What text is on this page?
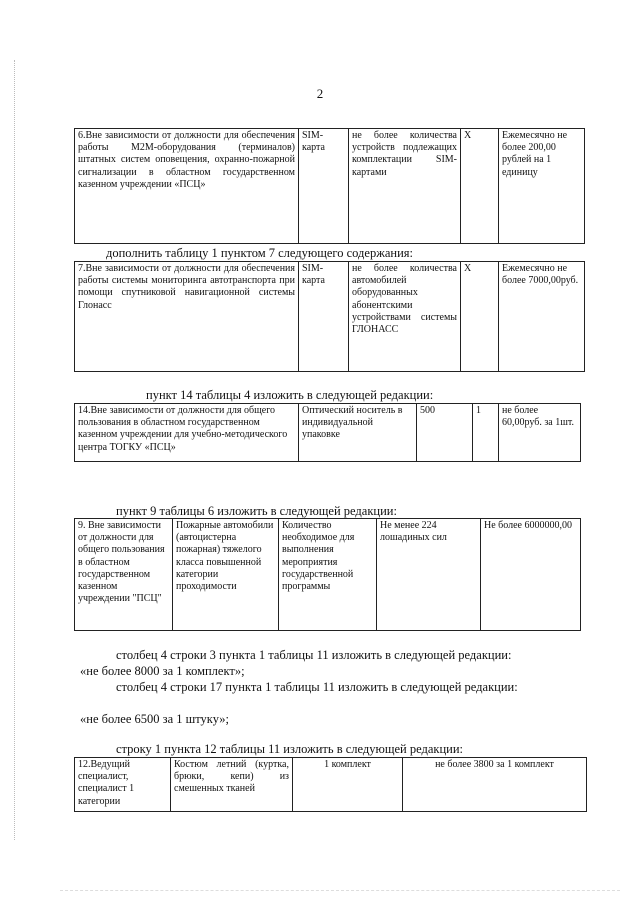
2
6.Вне зависимости от должности для обеспечения работы M2M-оборудования (терминалов) штатных систем оповещения, охранно-пожарной сигнализации в областном государственном казенном учреждении «ПСЦ»	SIM-карта	не более количества устройств подлежащих комплектации SIM-картами	X	Ежемесячно не более 200,00 рублей на 1 единицу
дополнить таблицу 1 пунктом 7 следующего содержания:
7.Вне зависимости от должности для обеспечения работы системы мониторинга автотранспорта при помощи спутниковой навигационной системы Глонасс	SIM-карта	не более количества автомобилей оборудованных абонентскими устройствами системы ГЛОНАСС	X	Ежемесячно не более 7000,00руб.
пункт 14 таблицы 4 изложить в следующей редакции:
14.Вне зависимости от должности для общего пользования в областном государственном казенном учреждении для учебно-методического центра ТОГКУ «ПСЦ»	Оптический носитель в индивидуальной упаковке	500	1	не более 60,00руб. за 1шт.
пункт 9 таблицы 6 изложить в следующей редакции:
9. Вне зависимости от должности для общего пользования в областном государственном казенном учреждении "ПСЦ"	Пожарные автомобили (автоцистерна пожарная) тяжелого класса повышенной категории проходимости	Количество необходимое для выполнения мероприятия государственной программы	Не менее 224 лошадиных сил	Не более 6000000,00
столбец 4 строки 3 пункта 1 таблицы 11 изложить в следующей редакции:
«не более 8000 за 1 комплект»;
столбец 4 строки 17 пункта 1 таблицы 11 изложить в следующей редакции:
«не более 6500 за 1 штуку»;
строку 1 пункта 12 таблицы 11 изложить в следующей редакции:
12.Ведущий специалист, специалист 1 категории	Костюм летний (куртка, брюки, кепи) из смешенных тканей	1 комплект	не более 3800 за 1 комплект
